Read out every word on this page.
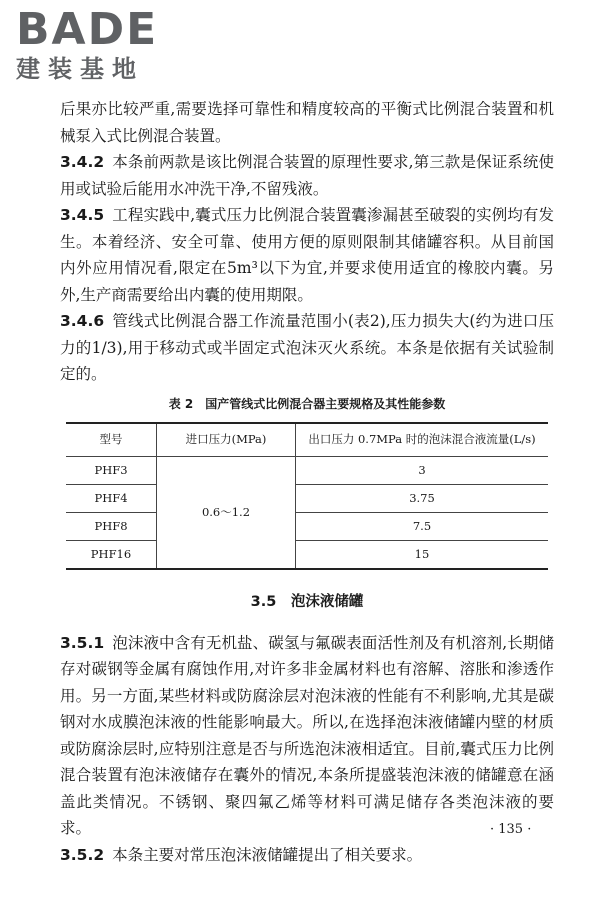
BADE
建装基地

后果亦比较严重,需要选择可靠性和精度较高的平衡式比例混合装置和机械泵入式比例混合装置。

3.4.2 本条前两款是该比例混合装置的原理性要求,第三款是保证系统使用或试验后能用水冲洗干净,不留残液。

3.4.5 工程实践中,囊式压力比例混合装置囊渗漏甚至破裂的实例均有发生。本着经济、安全可靠、使用方便的原则限制其储罐容积。从目前国内外应用情况看,限定在5m³以下为宜,并要求使用适宜的橡胶内囊。另外,生产商需要给出内囊的使用期限。

3.4.6 管线式比例混合器工作流量范围小(表2),压力损失大(约为进口压力的1/3),用于移动式或半固定式泡沫灭火系统。本条是依据有关试验制定的。

表 2　国产管线式比例混合器主要规格及其性能参数
型号	进口压力(MPa)	出口压力 0.7MPa 时的泡沫混合液流量(L/s)
PHF3	0.6～1.2	3
PHF4		3.75
PHF8		7.5
PHF16		15
3.5　泡沫液储罐

3.5.1 泡沫液中含有无机盐、碳氢与氟碳表面活性剂及有机溶剂,长期储存对碳钢等金属有腐蚀作用,对许多非金属材料也有溶解、溶胀和渗透作用。另一方面,某些材料或防腐涂层对泡沫液的性能有不利影响,尤其是碳钢对水成膜泡沫液的性能影响最大。所以,在选择泡沫液储罐内壁的材质或防腐涂层时,应特别注意是否与所选泡沫液相适宜。目前,囊式压力比例混合装置有泡沫液储存在囊外的情况,本条所提盛装泡沫液的储罐意在涵盖此类情况。不锈钢、聚四氟乙烯等材料可满足储存各类泡沫液的要求。

3.5.2 本条主要对常压泡沫液储罐提出了相关要求。

· 135 ·
